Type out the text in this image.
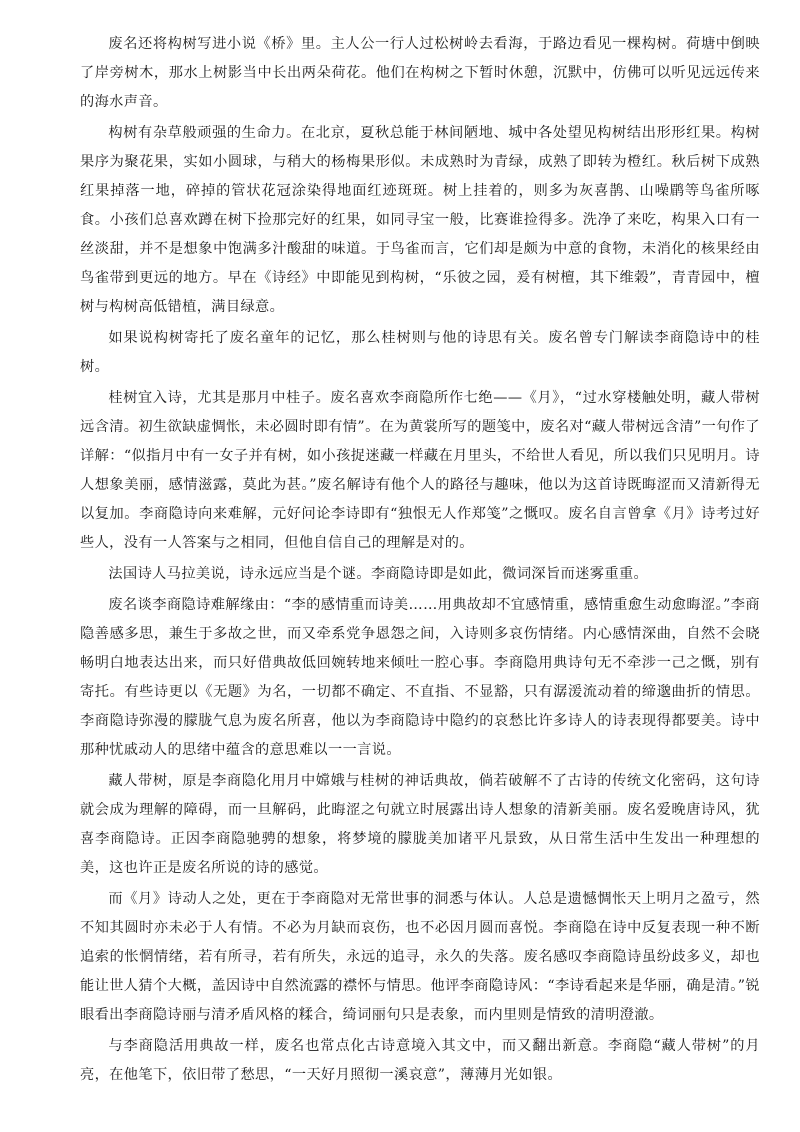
废名还将构树写进小说《桥》里。主人公一行人过松树岭去看海，于路边看见一棵构树。荷塘中倒映了岸旁树木，那水上树影当中长出两朵荷花。他们在构树之下暂时休憩，沉默中，仿佛可以听见远远传来的海水声音。

构树有杂草般顽强的生命力。在北京，夏秋总能于林间陋地、城中各处望见构树结出形形红果。构树果序为聚花果，实如小圆球，与稍大的杨梅果形似。未成熟时为青绿，成熟了即转为橙红。秋后树下成熟红果掉落一地，碎掉的管状花冠涂染得地面红迹斑斑。树上挂着的，则多为灰喜鹊、山噪鹛等鸟雀所啄食。小孩们总喜欢蹲在树下捡那完好的红果，如同寻宝一般，比赛谁捡得多。洗净了来吃，构果入口有一丝淡甜，并不是想象中饱满多汁酸甜的味道。于鸟雀而言，它们却是颇为中意的食物，未消化的核果经由鸟雀带到更远的地方。早在《诗经》中即能见到构树，“乐彼之园，爰有树檀，其下维榖”，青青园中，檀树与构树高低错植，满目绿意。

如果说构树寄托了废名童年的记忆，那么桂树则与他的诗思有关。废名曾专门解读李商隐诗中的桂树。

桂树宜入诗，尤其是那月中桂子。废名喜欢李商隐所作七绝——《月》，“过水穿楼触处明，藏人带树远含清。初生欲缺虚惆怅，未必圆时即有情”。在为黄裳所写的题笺中，废名对“藏人带树远含清”一句作了详解：“似指月中有一女子并有树，如小孩捉迷藏一样藏在月里头，不给世人看见，所以我们只见明月。诗人想象美丽，感情滋露，莫此为甚。”废名解诗有他个人的路径与趣味，他以为这首诗既晦涩而又清新得无以复加。李商隐诗向来难解，元好问论李诗即有“独恨无人作郑笺”之慨叹。废名自言曾拿《月》诗考过好些人，没有一人答案与之相同，但他自信自己的理解是对的。

法国诗人马拉美说，诗永远应当是个谜。李商隐诗即是如此，微词深旨而迷雾重重。

废名谈李商隐诗难解缘由：“李的感情重而诗美……用典故却不宜感情重，感情重愈生动愈晦涩。”李商隐善感多思，兼生于多故之世，而又牵系党争恩怨之间，入诗则多哀伤情绪。内心感情深曲，自然不会晓畅明白地表达出来，而只好借典故低回婉转地来倾吐一腔心事。李商隐用典诗句无不牵涉一己之慨，别有寄托。有些诗更以《无题》为名，一切都不确定、不直指、不显豁，只有潺湲流动着的缔邈曲折的情思。李商隐诗弥漫的朦胧气息为废名所喜，他以为李商隐诗中隐约的哀愁比许多诗人的诗表现得都要美。诗中那种忧戚动人的思绪中蕴含的意思难以一一言说。

藏人带树，原是李商隐化用月中嫦娥与桂树的神话典故，倘若破解不了古诗的传统文化密码，这句诗就会成为理解的障碍，而一旦解码，此晦涩之句就立时展露出诗人想象的清新美丽。废名爱晚唐诗风，犹喜李商隐诗。正因李商隐驰骋的想象，将梦境的朦胧美加诸平凡景致，从日常生活中生发出一种理想的美，这也许正是废名所说的诗的感觉。

而《月》诗动人之处，更在于李商隐对无常世事的洞悉与体认。人总是遗憾惆怅天上明月之盈亏，然不知其圆时亦未必于人有情。不必为月缺而哀伤，也不必因月圆而喜悦。李商隐在诗中反复表现一种不断追索的怅惘情绪，若有所寻，若有所失，永远的追寻，永久的失落。废名感叹李商隐诗虽纷歧多义，却也能让世人猜个大概，盖因诗中自然流露的襟怀与情思。他评李商隐诗风：“李诗看起来是华丽，确是清。”锐眼看出李商隐诗丽与清矛盾风格的糅合，绮词丽句只是表象，而内里则是情致的清明澄澈。

与李商隐活用典故一样，废名也常点化古诗意境入其文中，而又翻出新意。李商隐“藏人带树”的月亮，在他笔下，依旧带了愁思，“一天好月照彻一溪哀意”，薄薄月光如银。
